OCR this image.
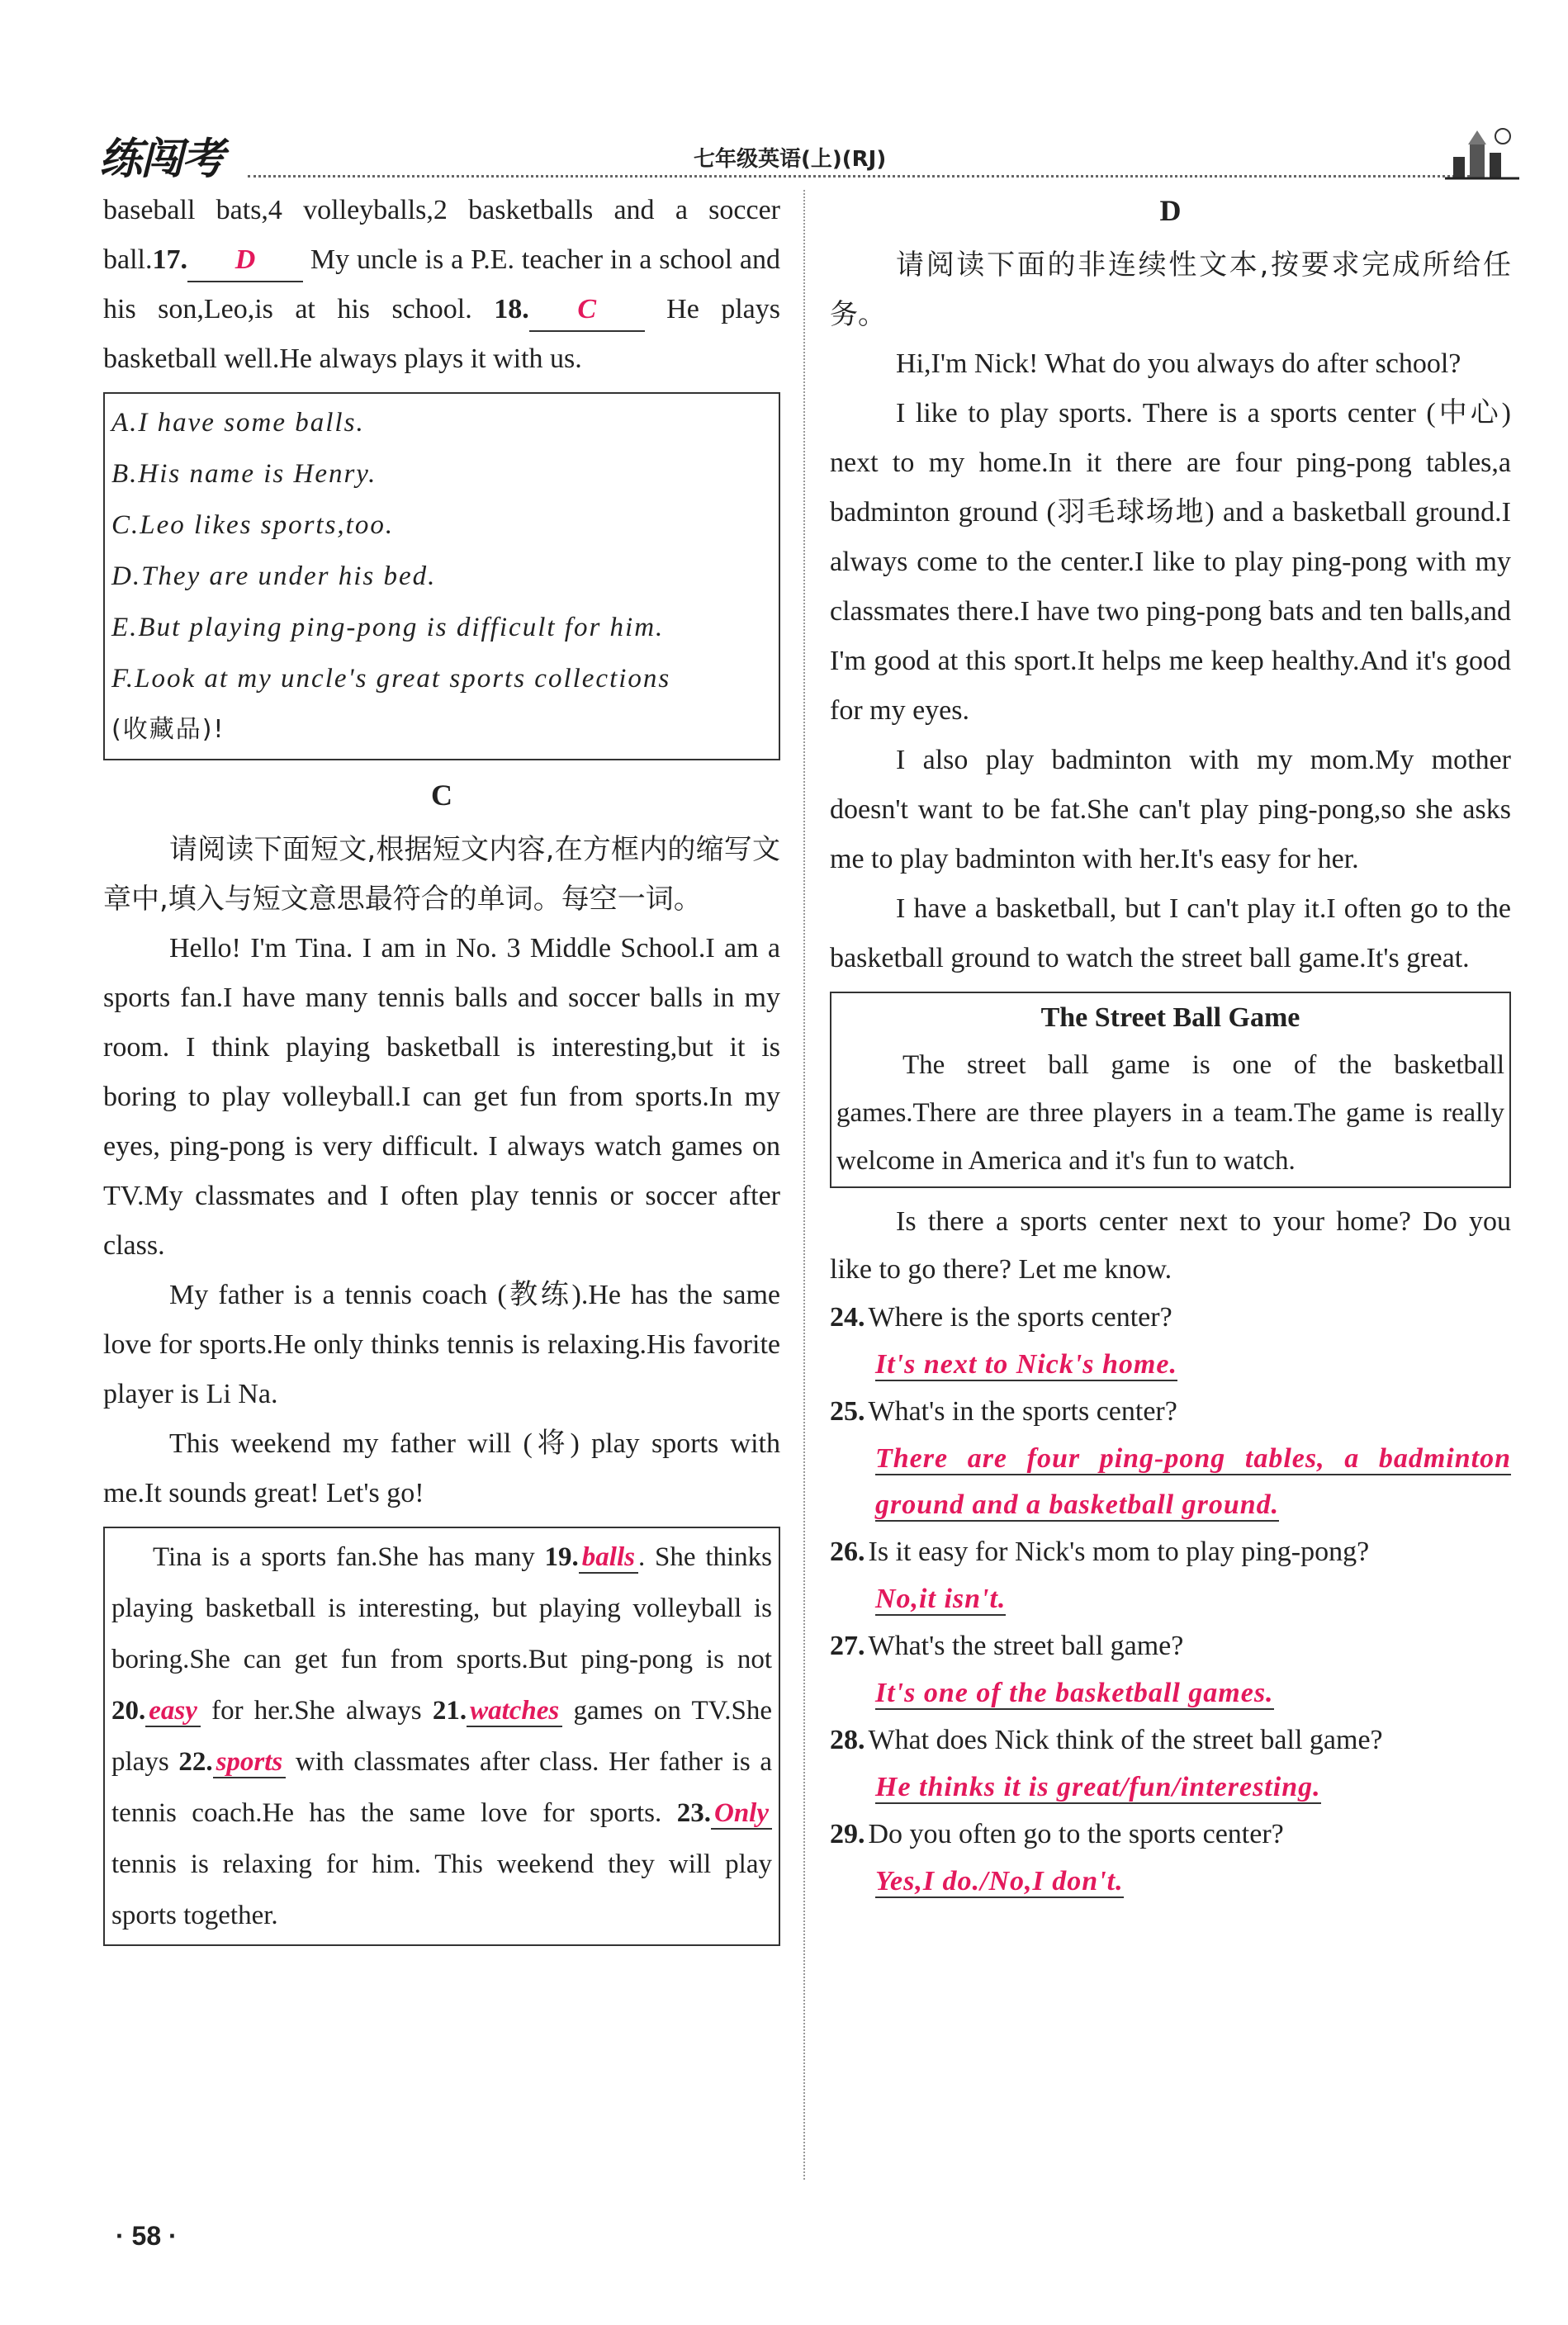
练闯考	七年级英语(上)(RJ)

baseball bats,4 volleyballs,2 basketballs and a soccer ball.17. D My uncle is a P.E. teacher in a school and his son,Leo,is at his school. 18. C	He plays basketball well.He always plays it with us.

A.I have some balls.
B.His name is Henry.
C.Leo likes sports,too.
D.They are under his bed.
E.But playing ping-pong is difficult for him.
F.Look at my uncle's great sports collections
(收藏品)!
C

请阅读下面短文,根据短文内容,在方框内的缩写文章中,填入与短文意思最符合的单词。每空一词。

Hello! I'm Tina. I am in No. 3 Middle School.I am a sports fan.I have many tennis balls and soccer balls in my room. I think playing basketball is interesting,but it is boring to play volleyball.I can get fun from sports.In my eyes, ping-pong is very difficult. I always watch games on TV.My classmates and I often play tennis or soccer after class.

My father is a tennis coach (教练).He has the same love for sports.He only thinks tennis is relaxing.His favorite player is Li Na.

This weekend my father will (将) play sports with me.It sounds great! Let's go!

Tina is a sports fan.She has many 19. balls . She thinks playing basketball is interesting, but playing volleyball is boring.She can get fun from sports.But ping-pong is not 20. easy for her.She always 21. watches games on TV.She plays 22. sports with classmates after class. Her father is a tennis coach.He has the same love for sports. 23. Only tennis is relaxing for him. This weekend they will play sports together.

D

请阅读下面的非连续性文本,按要求完成所给任务。

Hi,I'm Nick! What do you always do after school?

I like to play sports. There is a sports center (中心) next to my home.In it there are four ping-pong tables,a badminton ground (羽毛球场地) and a basketball ground.I always come to the center.I like to play ping-pong with my classmates there.I have two ping-pong bats and ten balls,and I'm good at this sport.It helps me keep healthy.And it's good for my eyes.

I also play badminton with my mom.My mother doesn't want to be fat.She can't play ping-pong,so she asks me to play badminton with her.It's easy for her.

I have a basketball, but I can't play it.I often go to the basketball ground to watch the street ball game.It's great.

The Street Ball Game

The street ball game is one of the basketball games.There are three players in a team.The game is really welcome in America and it's fun to watch.

Is there a sports center next to your home? Do you like to go there? Let me know.

24. Where is the sports center?
It's next to Nick's home.
25. What's in the sports center?
There are four ping-pong tables, a badminton ground and a basketball ground.
26. Is it easy for Nick's mom to play ping-pong?
No,it isn't.
27. What's the street ball game?
It's one of the basketball games.
28. What does Nick think of the street ball game?
He thinks it is great/fun/interesting.
29. Do you often go to the sports center?
Yes,I do./No,I don't.
· 58 ·
